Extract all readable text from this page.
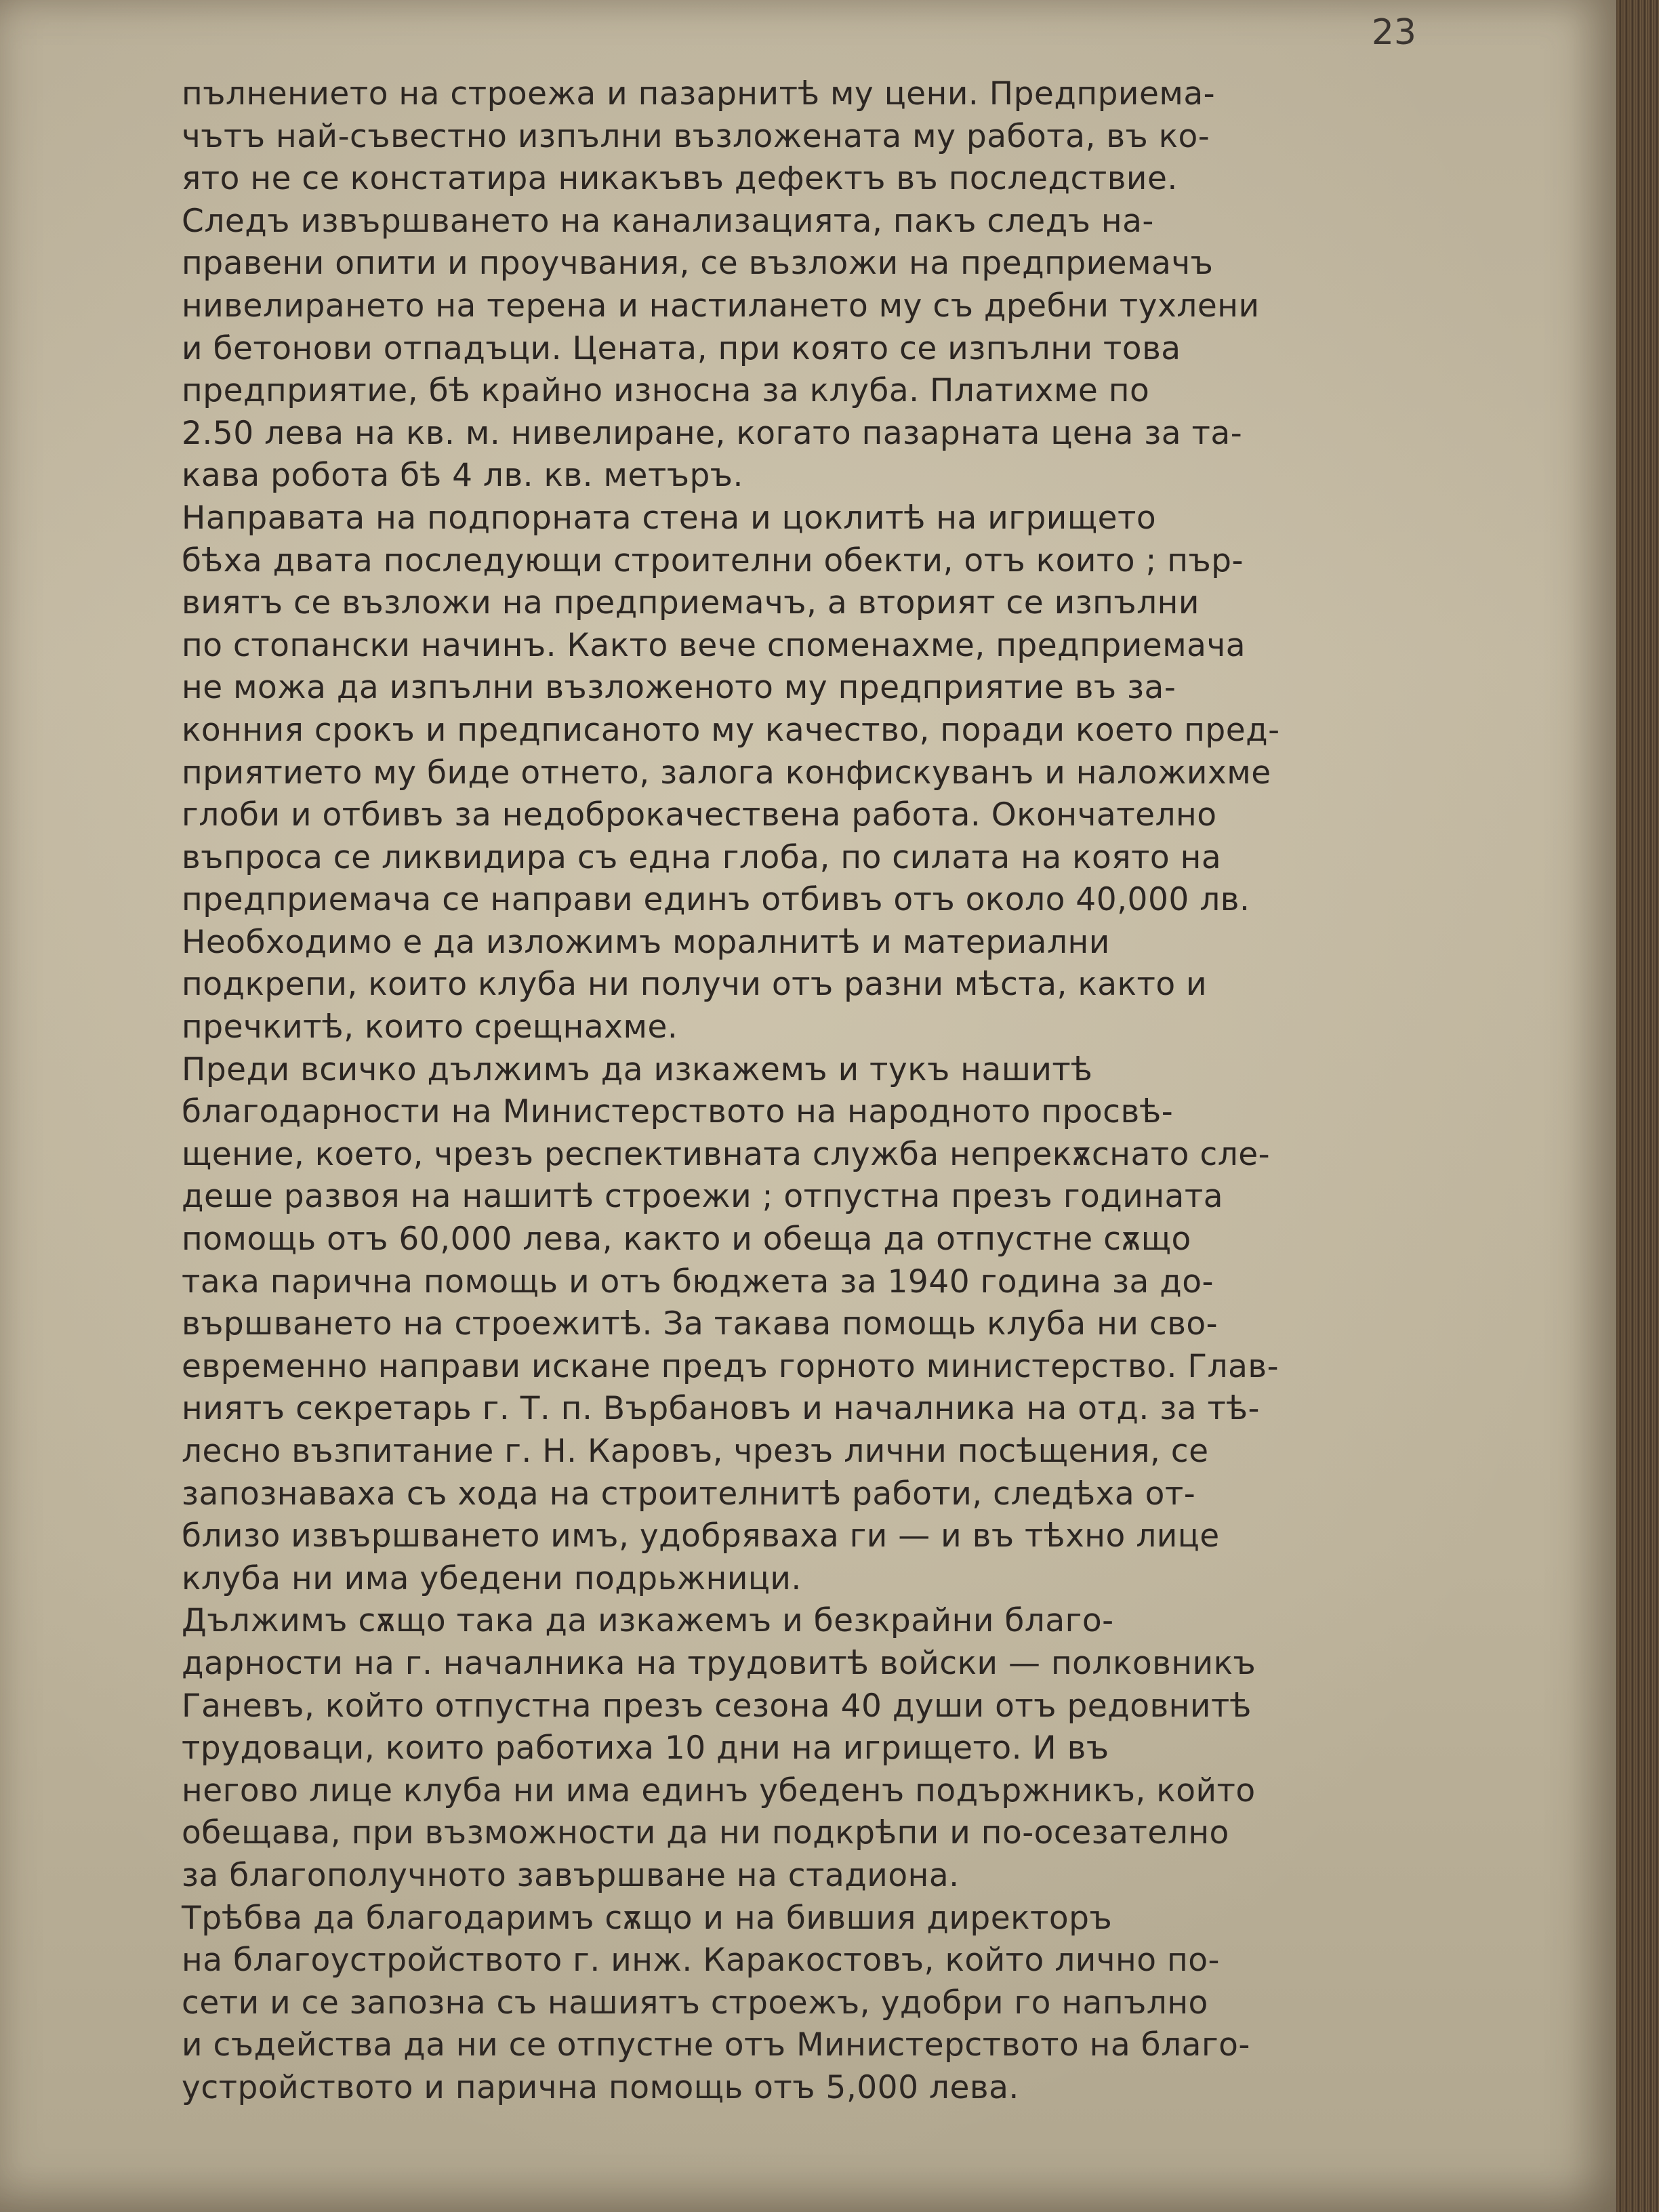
23

пълнението на строежа и пазарнитѣ му цени. Предприема-
чътъ най-съвестно изпълни възложената му работа, въ ко-
ято не се констатира никакъвъ дефектъ въ последствие.

Следъ извършването на канализацията, пакъ следъ на-
правени опити и проучвания, се възложи на предприемачъ
нивелирането на терена и настилането му съ дребни тухлени
и бетонови отпадъци. Цената, при която се изпълни това
предприятие, бѣ крайно износна за клуба. Платихме по
2.50 лева на кв. м. нивелиране, когато пазарната цена за та-
кава робота бѣ 4 лв. кв. метъръ.

Направата на подпорната стена и цоклитѣ на игрището
бѣха двата последующи строителни обекти, отъ които ; пър-
виятъ се възложи на предприемачъ, а вторият се изпълни
по стопански начинъ. Както вече споменахме, предприемача
не можа да изпълни възложеното му предприятие въ за-
конния срокъ и предписаното му качество, поради което пред-
приятието му биде отнето, залога конфискуванъ и наложихме
глоби и отбивъ за недоброкачествена работа. Окончателно
въпроса се ликвидира съ една глоба, по силата на която на
предприемача се направи единъ отбивъ отъ около 40,000 лв.

Необходимо е да изложимъ моралнитѣ и материални
подкрепи, които клуба ни получи отъ разни мѣста, както и
пречкитѣ, които срещнахме.

Преди всичко дължимъ да изкажемъ и тукъ нашитѣ
благодарности на Министерството на народното просвѣ-
щение, което, чрезъ респективната служба непрекѫснато сле-
деше развоя на нашитѣ строежи ; отпустна презъ годината
помощь отъ 60,000 лева, както и обеща да отпустне сѫщо
така парична помощь и отъ бюджета за 1940 година за до-
вършването на строежитѣ. За такава помощь клуба ни сво-
евременно направи искане предъ горното министерство. Глав-
ниятъ секретарь г. Т. п. Върбановъ и началника на отд. за тѣ-
лесно възпитание г. Н. Каровъ, чрезъ лични посѣщения, се
запознаваха съ хода на строителнитѣ работи, следѣха от-
близо извършването имъ, удобряваха ги — и въ тѣхно лице
клуба ни има убедени подрьжници.

Дължимъ сѫщо така да изкажемъ и безкрайни благо-
дарности на г. началника на трудовитѣ войски — полковникъ
Ганевъ, който отпустна презъ сезона 40 души отъ редовнитѣ
трудоваци, които работиха 10 дни на игрището. И въ
негово лице клуба ни има единъ убеденъ подържникъ, който
обещава, при възможности да ни подкрѣпи и по-осезателно
за благополучното завършване на стадиона.

Трѣбва да благодаримъ сѫщо и на бившия директоръ
на благоустройството г. инж. Каракостовъ, който лично по-
сети и се запозна съ нашиятъ строежъ, удобри го напълно
и съдейства да ни се отпустне отъ Министерството на благо-
устройството и парична помощь отъ 5,000 лева.
